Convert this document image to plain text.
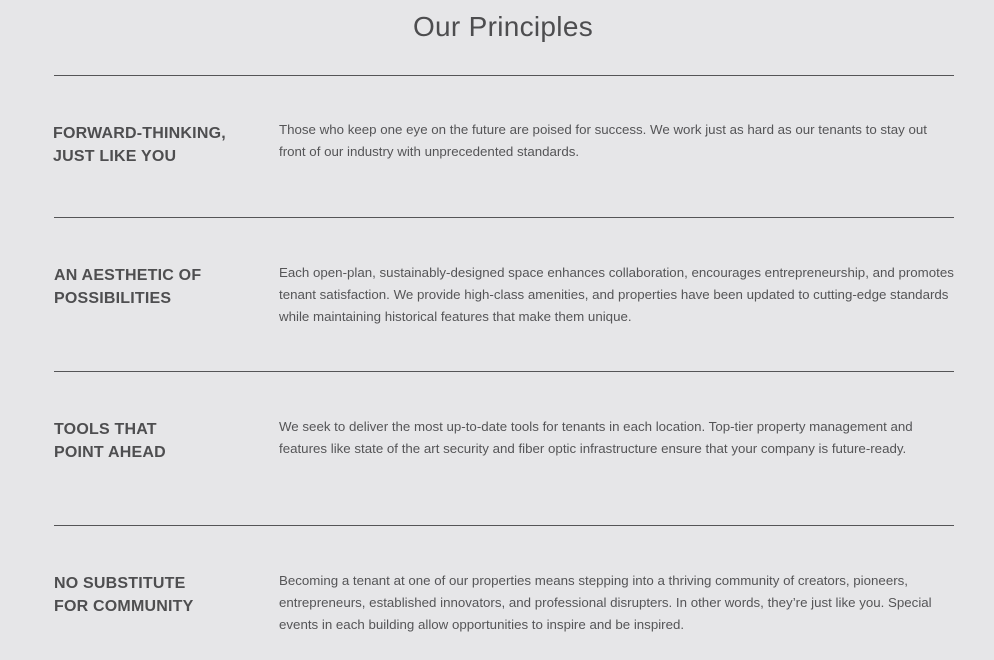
Our Principles
FORWARD-THINKING,
JUST LIKE YOU

Those who keep one eye on the future are poised for success. We work just as hard as our tenants to stay out front of our industry with unprecedented standards.

AN AESTHETIC OF
POSSIBILITIES

Each open-plan, sustainably-designed space enhances collaboration, encourages entrepreneurship, and promotes tenant satisfaction. We provide high-class amenities, and properties have been updated to cutting-edge standards while maintaining historical features that make them unique.

TOOLS THAT
POINT AHEAD

We seek to deliver the most up-to-date tools for tenants in each location. Top-tier property management and features like state of the art security and fiber optic infrastructure ensure that your company is future-ready.

NO SUBSTITUTE
FOR COMMUNITY

Becoming a tenant at one of our properties means stepping into a thriving community of creators, pioneers, entrepreneurs, established innovators, and professional disrupters. In other words, they’re just like you. Special events in each building allow opportunities to inspire and be inspired.
